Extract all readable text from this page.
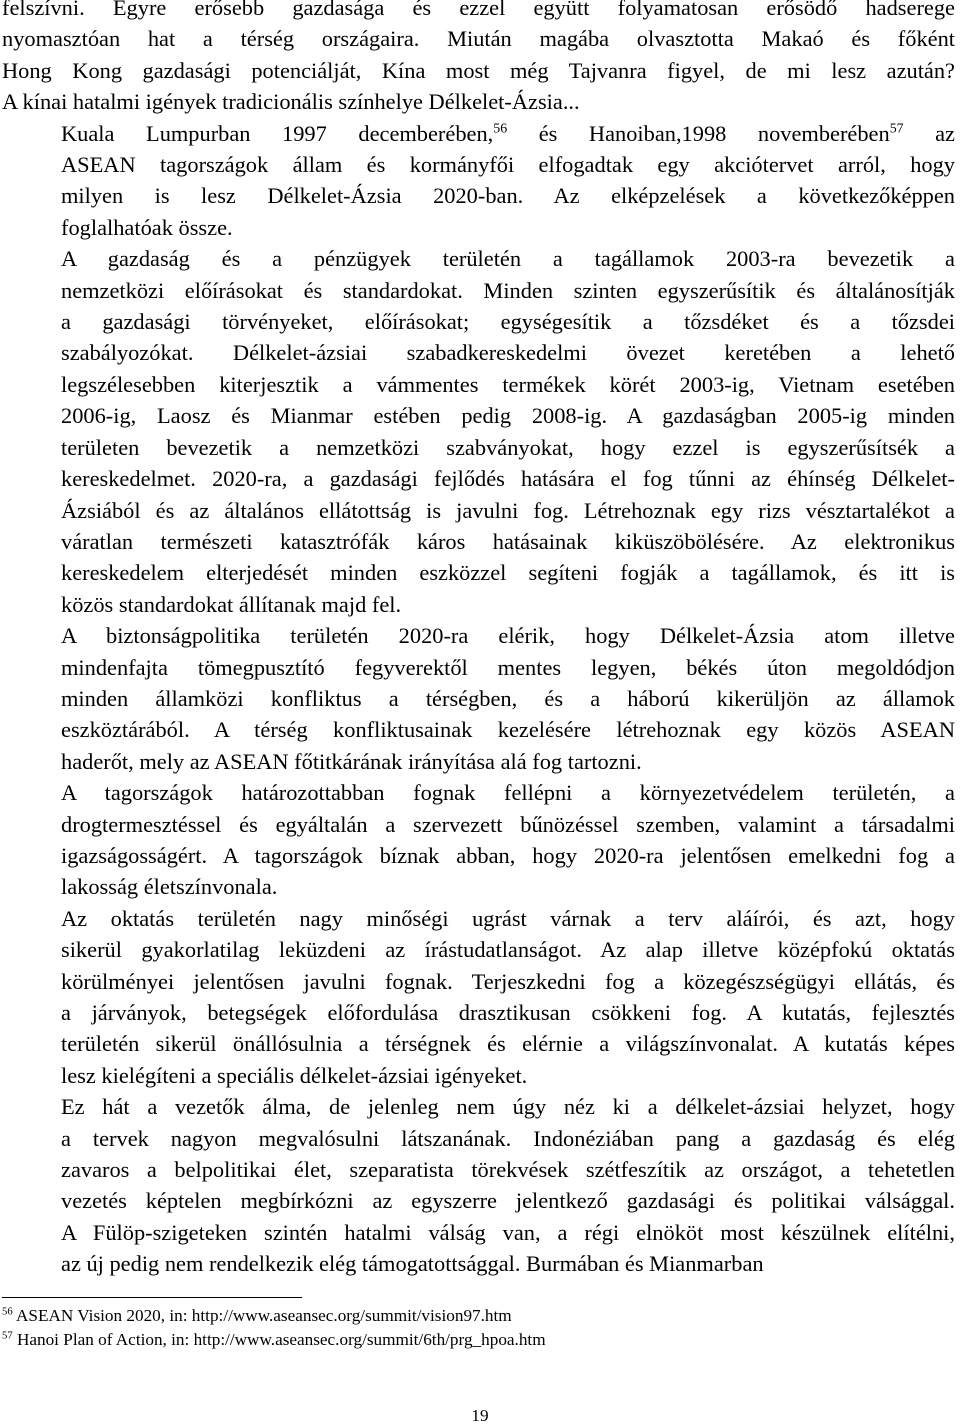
felszívni. Egyre erősebb gazdasága és ezzel együtt folyamatosan erősödő hadserege
nyomasztóan hat a térség országaira. Miután magába olvasztotta Makaó és főként
Hong Kong gazdasági potenciálját, Kína most még Tajvanra figyel, de mi lesz azután?
A kínai hatalmi igények tradicionális színhelye Délkelet-Ázsia...

Kuala Lumpurban 1997 decemberében,$^{56}$ és Hanoiban,1998 novemberében$^{57}$ az
ASEAN tagországok állam és kormányfői elfogadtak egy akciótervet arról, hogy
milyen is lesz Délkelet-Ázsia 2020-ban. Az elképzelések a következőképpen
foglalhatóak össze.

A gazdaság és a pénzügyek területén a tagállamok 2003-ra bevezetik a
nemzetközi előírásokat és standardokat. Minden szinten egyszerűsítik és általánosítják
a gazdasági törvényeket, előírásokat; egységesítik a tőzsdéket és a tőzsdei
szabályozókat. Délkelet-ázsiai szabadkereskedelmi övezet keretében a lehető
legszélesebben kiterjesztik a vámmentes termékek körét 2003-ig, Vietnam esetében
2006-ig, Laosz és Mianmar estében pedig 2008-ig. A gazdaságban 2005-ig minden
területen bevezetik a nemzetközi szabványokat, hogy ezzel is egyszerűsítsék a
kereskedelmet. 2020-ra, a gazdasági fejlődés hatására el fog tűnni az éhínség Délkelet-
Ázsiából és az általános ellátottság is javulni fog. Létrehoznak egy rizs vésztartalékot a
váratlan természeti katasztrófák káros hatásainak kiküszöbölésére. Az elektronikus
kereskedelem elterjedését minden eszközzel segíteni fogják a tagállamok, és itt is
közös standardokat állítanak majd fel.

A biztonságpolitika területén 2020-ra elérik, hogy Délkelet-Ázsia atom illetve
mindenfajta tömegpusztító fegyverektől mentes legyen, békés úton megoldódjon
minden államközi konfliktus a térségben, és a háború kikerüljön az államok
eszköztárából. A térség konfliktusainak kezelésére létrehoznak egy közös ASEAN
haderőt, mely az ASEAN főtitkárának irányítása alá fog tartozni.

A tagországok határozottabban fognak fellépni a környezetvédelem területén, a
drogtermesztéssel és egyáltalán a szervezett bűnözéssel szemben, valamint a társadalmi
igazságosságért. A tagországok bíznak abban, hogy 2020-ra jelentősen emelkedni fog a
lakosság életszínvonala.

Az oktatás területén nagy minőségi ugrást várnak a terv aláírói, és azt, hogy
sikerül gyakorlatilag leküzdeni az írástudatlanságot. Az alap illetve középfokú oktatás
körülményei jelentősen javulni fognak. Terjeszkedni fog a közegészségügyi ellátás, és
a járványok, betegségek előfordulása drasztikusan csökkeni fog. A kutatás, fejlesztés
területén sikerül önállósulnia a térségnek és elérnie a világszínvonalat. A kutatás képes
lesz kielégíteni a speciális délkelet-ázsiai igényeket.

Ez hát a vezetők álma, de jelenleg nem úgy néz ki a délkelet-ázsiai helyzet, hogy
a tervek nagyon megvalósulni látszanának. Indonéziában pang a gazdaság és elég
zavaros a belpolitikai élet, szeparatista törekvések szétfeszítik az országot, a tehetetlen
vezetés képtelen megbírkózni az egyszerre jelentkező gazdasági és politikai válsággal.
A Fülöp-szigeteken szintén hatalmi válság van, a régi elnököt most készülnek elítélni,
az új pedig nem rendelkezik elég támogatottsággal. Burmában és Mianmarban

$^{56}$ ASEAN Vision 2020, in: http://www.aseansec.org/summit/vision97.htm

$^{57}$ Hanoi Plan of Action, in: http://www.aseansec.org/summit/6th/prg_hpoa.htm

19
